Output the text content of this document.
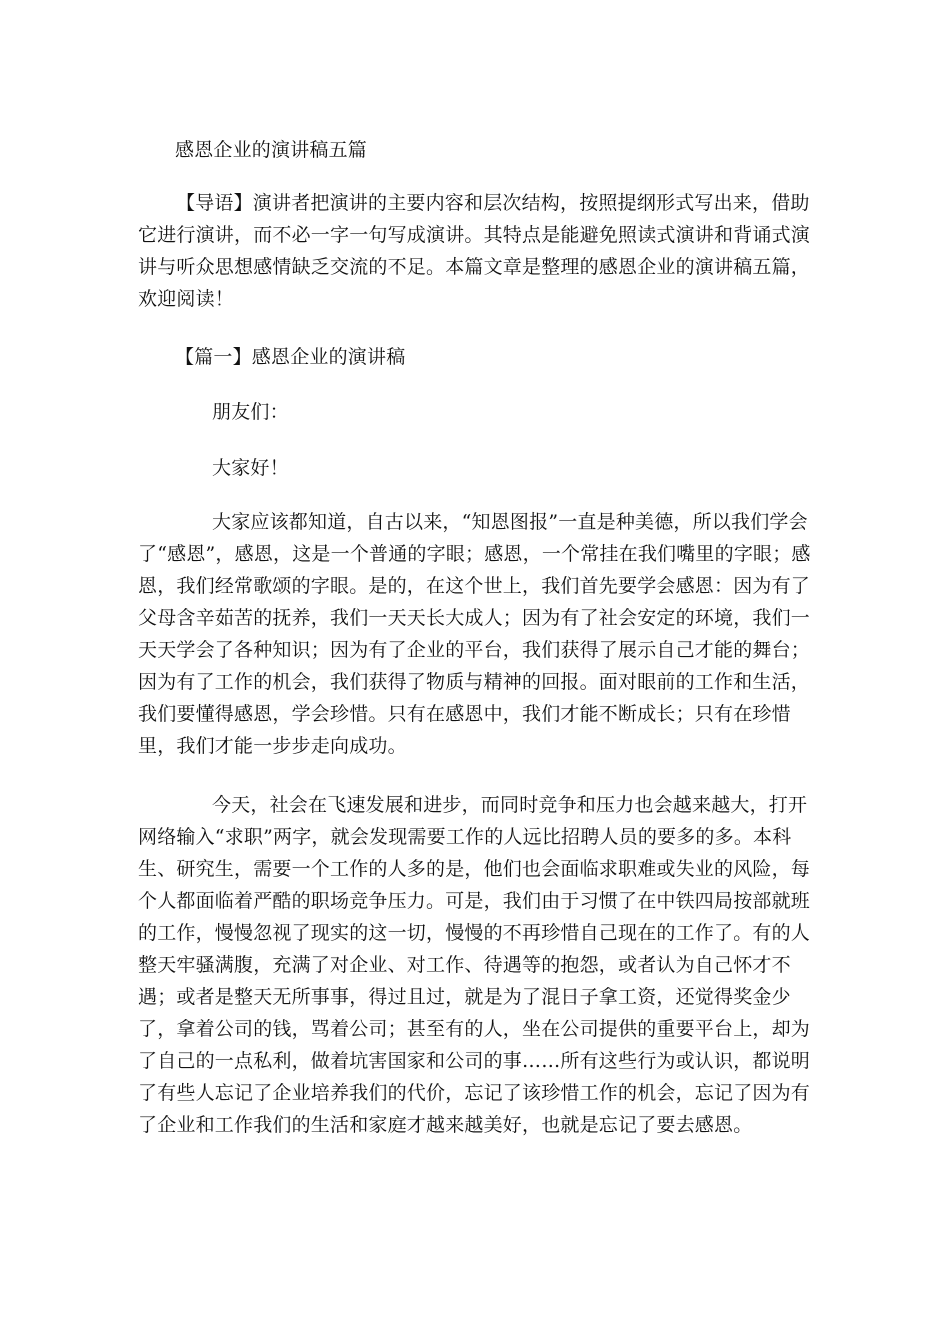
感恩企业的演讲稿五篇

【导语】演讲者把演讲的主要内容和层次结构，按照提纲形式写出来，借助它进行演讲，而不必一字一句写成演讲。其特点是能避免照读式演讲和背诵式演讲与听众思想感情缺乏交流的不足。本篇文章是整理的感恩企业的演讲稿五篇，欢迎阅读！

【篇一】感恩企业的演讲稿

朋友们：

大家好！

大家应该都知道，自古以来，“知恩图报”一直是种美德，所以我们学会了“感恩”，感恩，这是一个普通的字眼；感恩，一个常挂在我们嘴里的字眼；感恩，我们经常歌颂的字眼。是的，在这个世上，我们首先要学会感恩：因为有了父母含辛茹苦的抚养，我们一天天长大成人；因为有了社会安定的环境，我们一天天学会了各种知识；因为有了企业的平台，我们获得了展示自己才能的舞台；因为有了工作的机会，我们获得了物质与精神的回报。面对眼前的工作和生活，我们要懂得感恩，学会珍惜。只有在感恩中，我们才能不断成长；只有在珍惜里，我们才能一步步走向成功。

今天，社会在飞速发展和进步，而同时竞争和压力也会越来越大，打开网络输入“求职”两字，就会发现需要工作的人远比招聘人员的要多的多。本科生、研究生，需要一个工作的人多的是，他们也会面临求职难或失业的风险，每个人都面临着严酷的职场竞争压力。可是，我们由于习惯了在中铁四局按部就班的工作，慢慢忽视了现实的这一切，慢慢的不再珍惜自己现在的工作了。有的人整天牢骚满腹，充满了对企业、对工作、待遇等的抱怨，或者认为自己怀才不遇；或者是整天无所事事，得过且过，就是为了混日子拿工资，还觉得奖金少了，拿着公司的钱，骂着公司；甚至有的人，坐在公司提供的重要平台上，却为了自己的一点私利，做着坑害国家和公司的事……所有这些行为或认识，都说明了有些人忘记了企业培养我们的代价，忘记了该珍惜工作的机会，忘记了因为有了企业和工作我们的生活和家庭才越来越美好，也就是忘记了要去感恩。
